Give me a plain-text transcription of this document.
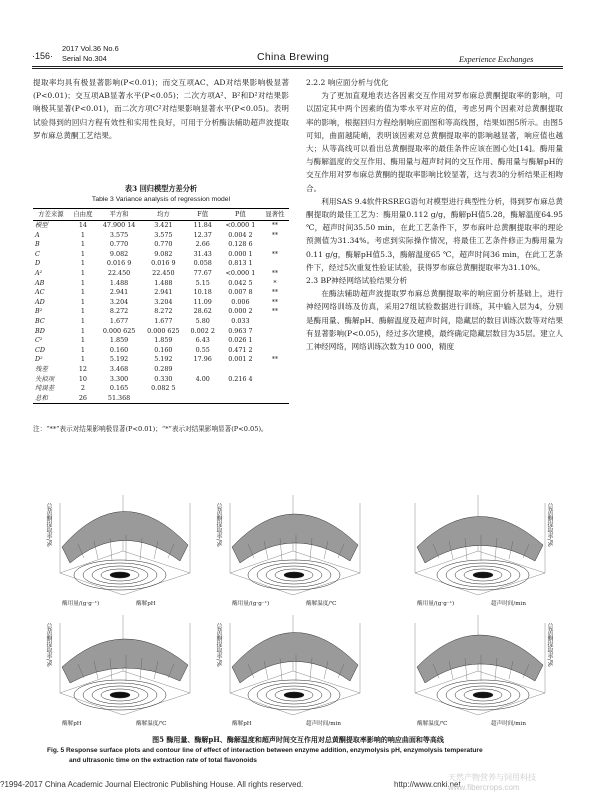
·156·
2017 Vol.36 No.6
Serial No.304	China Brewing	Experience Exchanges
提取率均具有极显著影响(P<0.01)；而交互项AC、AD对结果影响极显著(P<0.01)；交互项AB显著水平(P<0.05)；二次方项A²、B²和D²对结果影响极其显著(P<0.01)，而二次方项C²对结果影响显著水平(P<0.05)。表明试验得到的回归方程有效性和实用性良好，可用于分析酶法辅助超声波提取罗布麻总黄酮工艺结果。
表3 回归模型方差分析
Table 3 Variance analysis of regression model
方差来源	自由度	平方和	均方	F值	P值	显著性
模型	14	47.900 14	3.421	11.84	<0.000 1	**
A	1	3.575	3.575	12.37	0.004 2	**
B	1	0.770	0.770	2.66	0.128 6	
C	1	9.082	9.082	31.43	0.000 1	**
D	1	0.016 9	0.016 9	0.058	0.813 1	
A²	1	22.450	22.450	77.67	<0.000 1	**
AB	1	1.488	1.488	5.15	0.042 5	*
AC	1	2.941	2.941	10.18	0.007 8	**
AD	1	3.204	3.204	11.09	0.006	**
B²	1	8.272	8.272	28.62	0.000 2	**
BC	1	1.677	1.677	5.80	0.033	
BD	1	0.000 625	0.000 625	0.002 2	0.963 7	
C²	1	1.859	1.859	6.43	0.026 1	
CD	1	0.160	0.160	0.55	0.471 2	
D²	1	5.192	5.192	17.96	0.001 2	**
残差	12	3.468	0.289			
失拟项	10	3.300	0.330	4.00	0.216 4	
纯误差	2	0.165	0.082 5			
总和	26	51.368				
注：“**”表示对结果影响极显著(P<0.01)；“*”表示对结果影响显著(P<0.05)。
2.2.2 响应面分析与优化
为了更加直观地表达各因素交互作用对罗布麻总黄酮提取率的影响，可以固定其中两个因素的值为零水平对应的值，考虑另两个因素对总黄酮提取率的影响，根据回归方程绘制响应面图和等高线图，结果如图5所示。由图5可知，曲面越陡峭，表明该因素对总黄酮提取率的影响越显著，响应值也越大；从等高线可以看出总黄酮提取率的最佳条件应该在圆心处[14]。酶用量与酶解温度的交互作用、酶用量与超声时间的交互作用、酶用量与酶解pH的交互作用对罗布麻总黄酮的提取率影响比较显著，这与表3的分析结果正相吻合。
利用SAS 9.4软件RSREG语句对模型进行典型性分析，得到罗布麻总黄酮提取的最佳工艺为：酶用量0.112 g/g，酶解pH值5.28，酶解温度64.95 ℃，超声时间35.50 min，在此工艺条件下，罗布麻叶总黄酮提取率的理论预测值为31.34%。考虑到实际操作情况，将最佳工艺条件修正为酶用量为0.11 g/g，酶解pH值5.3，酶解温度65 ℃，超声时间36 min，在此工艺条件下，经过5次重复性验证试验，获得罗布麻总黄酮提取率为31.10%。
2.3 BP神经网络试验结果分析
在酶法辅助超声波提取罗布麻总黄酮提取率的响应面分析基础上，进行神经网络训练及仿真，采用27组试验数据进行训练，其中输入层为4，分别是酶用量、酶解pH、酶解温度及超声时间，隐藏层的数目训练次数等对结果有显著影响(P<0.05)，经过多次建模，最终确定隐藏层数目为35层。建立人工神经网络，网络训练次数为10 000，精度
总黄酮提取率/%
酶用量/(g·g⁻¹)	酶解pH
总黄酮提取率/%
酶用量/(g·g⁻¹)	酶解温度/℃
总黄酮提取率/%
酶用量/(g·g⁻¹)	超声时间/min
总黄酮提取率/%
酶解pH	酶解温度/℃
总黄酮提取率/%
酶解pH	超声时间/min
总黄酮提取率/%
酶解温度/℃	超声时间/min
图5 酶用量、酶解pH、酶解温度和超声时间交互作用对总黄酮提取率影响的响应曲面和等高线
Fig. 5 Response surface plots and contour line of effect of interaction between enzyme addition, enzymolysis pH, enzymolysis temperature
and ultrasonic time on the extraction rate of total flavonoids
?1994-2017 China Academic Journal Electronic Publishing House. All rights reserved.	http://www.cnki.net
天然产物营养与饲用科技 www.fibercrops.com
